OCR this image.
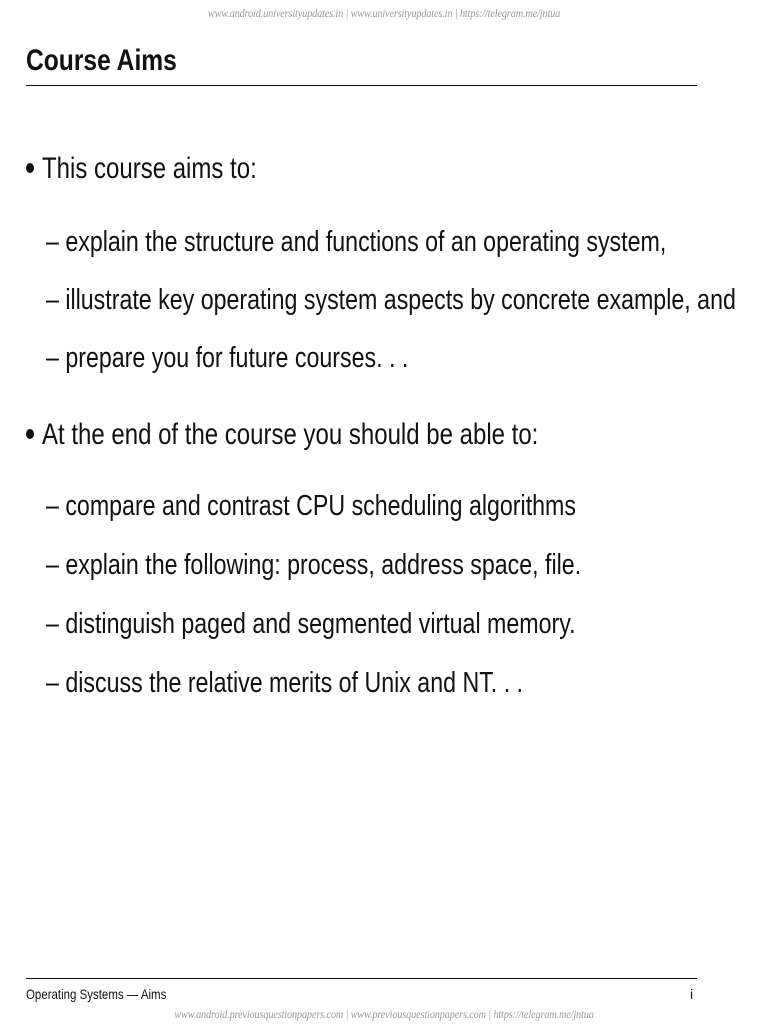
www.android.universityupdates.in | www.universityupdates.in | https://telegram.me/jntua
Course Aims
This course aims to:
– explain the structure and functions of an operating system,
– illustrate key operating system aspects by concrete example, and
– prepare you for future courses. . .
At the end of the course you should be able to:
– compare and contrast CPU scheduling algorithms
– explain the following: process, address space, file.
– distinguish paged and segmented virtual memory.
– discuss the relative merits of Unix and NT. . .
Operating Systems — Aims	i
www.android.previousquestionpapers.com | www.previousquestionpapers.com | https://telegram.me/jntua
